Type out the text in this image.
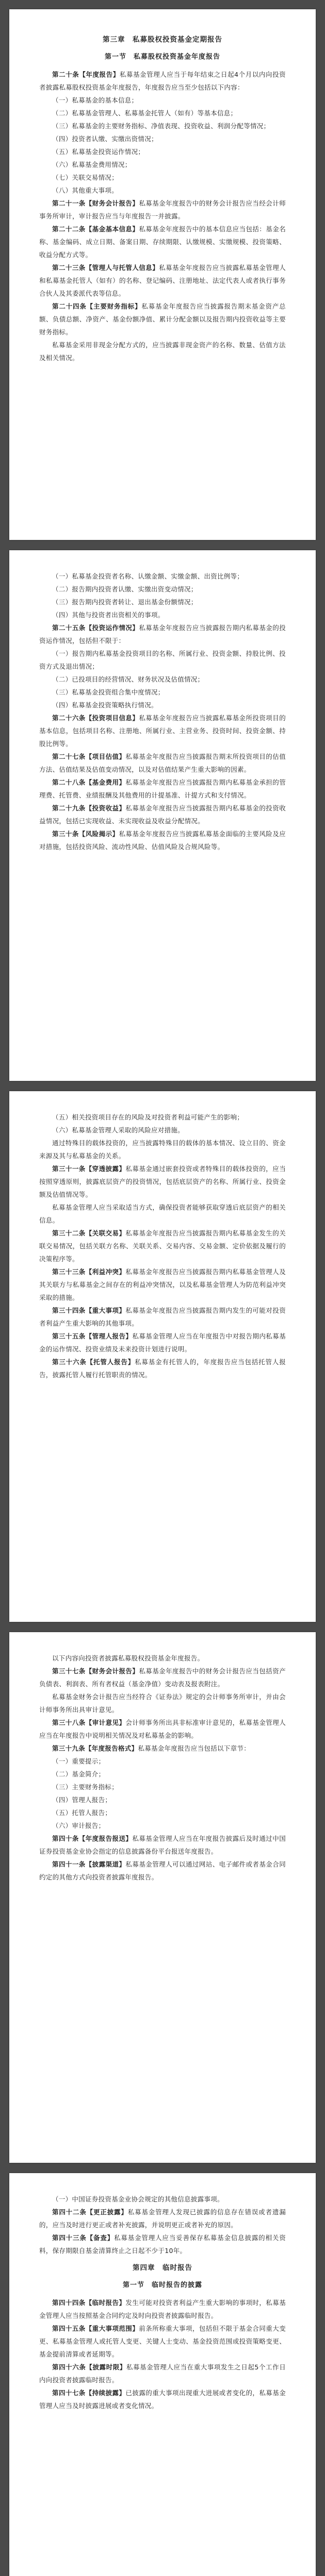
第三章　私募股权投资基金定期报告
第一节　私募股权投资基金年度报告

第二十条【年度报告】私募基金管理人应当于每年结束之日起4个月以内向投资者披露私募股权投资基金年度报告，年度报告应当至少包括以下内容：

（一）私募基金的基本信息；

（二）私募基金管理人、私募基金托管人（如有）等基本信息；

（三）私募基金的主要财务指标、净值表现、投资收益、利润分配等情况；

（四）投资者认缴、实缴出资情况；

（五）私募基金投资运作情况；

（六）私募基金费用情况；

（七）关联交易情况；

（八）其他重大事项。

第二十一条【财务会计报告】私募基金年度报告中的财务会计报告应当经会计师事务所审计，审计报告应当与年度报告一并披露。

第二十二条【基金基本信息】私募基金年度报告中的基本信息应当包括：基金名称、基金编码、成立日期、备案日期、存续期限、认缴规模、实缴规模、投资策略、收益分配方式等。

第二十三条【管理人与托管人信息】私募基金年度报告应当披露私募基金管理人和私募基金托管人（如有）的名称、登记编码、注册地址、法定代表人或者执行事务合伙人及其委派代表等信息。

第二十四条【主要财务指标】私募基金年度报告应当披露报告期末基金资产总额、负债总额、净资产、基金份额净值、累计分配金额以及报告期内投资收益等主要财务指标。

私募基金采用非现金分配方式的，应当披露非现金资产的名称、数量、估值方法及相关情况。

（一）私募基金投资者名称、认缴金额、实缴金额、出资比例等；

（二）报告期内投资者认缴、实缴出资变动情况；

（三）报告期内投资者转让、退出基金份额情况；

（四）其他与投资者出资相关的事项。

第二十五条【投资运作情况】私募基金年度报告应当披露报告期内私募基金的投资运作情况，包括但不限于：

（一）报告期内私募基金投资项目的名称、所属行业、投资金额、持股比例、投资方式及退出情况；

（二）已投项目的经营情况、财务状况及估值情况；

（三）私募基金投资组合集中度情况；

（四）私募基金投资策略执行情况。

第二十六条【投资项目信息】私募基金年度报告应当披露私募基金所投资项目的基本信息，包括项目名称、注册地、所属行业、主营业务、投资时间、投资金额、持股比例等。

第二十七条【项目估值】私募基金年度报告应当披露报告期末所投资项目的估值方法、估值结果及估值变动情况，以及对估值结果产生重大影响的因素。

第二十八条【基金费用】私募基金年度报告应当披露报告期内私募基金承担的管理费、托管费、业绩报酬及其他费用的计提基准、计提方式和支付情况。

第二十九条【投资收益】私募基金年度报告应当披露报告期内私募基金的投资收益情况，包括已实现收益、未实现收益及收益分配情况。

第三十条【风险揭示】私募基金年度报告应当披露私募基金面临的主要风险及应对措施，包括投资风险、流动性风险、估值风险及合规风险等。

（五）相关投资项目存在的风险及对投资者利益可能产生的影响；

（六）私募基金管理人采取的风险应对措施。

通过特殊目的载体投资的，应当披露特殊目的载体的基本情况、设立目的、资金来源及其与私募基金的关系。

第三十一条【穿透披露】私募基金通过嵌套投资或者特殊目的载体投资的，应当按照穿透原则，披露底层资产的投资情况，包括底层资产的名称、所属行业、投资金额及估值情况等。

私募基金管理人应当采取适当方式，确保投资者能够获取穿透后底层资产的相关信息。

第三十二条【关联交易】私募基金年度报告应当披露报告期内私募基金发生的关联交易情况，包括关联方名称、关联关系、交易内容、交易金额、定价依据及履行的决策程序等。

第三十三条【利益冲突】私募基金年度报告应当披露报告期内私募基金管理人及其关联方与私募基金之间存在的利益冲突情况，以及私募基金管理人为防范利益冲突采取的措施。

第三十四条【重大事项】私募基金年度报告应当披露报告期内发生的可能对投资者利益产生重大影响的其他事项。

第三十五条【管理人报告】私募基金管理人应当在年度报告中对报告期内私募基金的运作情况、投资业绩及未来投资计划进行说明。

第三十六条【托管人报告】私募基金有托管人的，年度报告应当包括托管人报告，披露托管人履行托管职责的情况。

以下内容向投资者披露私募股权投资基金年度报告。

第三十七条【财务会计报告】私募基金年度报告中的财务会计报告应当包括资产负债表、利润表、所有者权益（基金净值）变动表及报表附注。

私募基金财务会计报告应当经符合《证券法》规定的会计师事务所审计，并由会计师事务所出具审计意见。

第三十八条【审计意见】会计师事务所出具非标准审计意见的，私募基金管理人应当在年度报告中说明相关情况及对私募基金的影响。

第三十九条【年度报告格式】私募基金年度报告应当包括以下章节：

（一）重要提示；

（二）基金简介；

（三）主要财务指标；

（四）管理人报告；

（五）托管人报告；

（六）审计报告；

第四十条【年度报告报送】私募基金管理人应当在年度报告披露后及时通过中国证券投资基金业协会指定的信息披露备份平台报送年度报告。

第四十一条【披露渠道】私募基金管理人可以通过网站、电子邮件或者基金合同约定的其他方式向投资者披露年度报告。

（一）中国证券投资基金业协会规定的其他信息披露事项。

第四十二条【更正披露】私募基金管理人发现已披露的信息存在错误或者遗漏的，应当及时进行更正或者补充披露，并说明更正或者补充的原因。

第四十三条【备查】私募基金管理人应当妥善保存私募基金信息披露的相关资料，保存期限自基金清算终止之日起不少于10年。

第四章　临时报告
第一节　临时报告的披露

第四十四条【临时报告】发生可能对投资者利益产生重大影响的事项时，私募基金管理人应当按照基金合同约定及时向投资者披露临时报告。

第四十五条【重大事项范围】前条所称重大事项，包括但不限于基金合同重大变更、私募基金管理人或托管人变更、关键人士变动、基金投资范围或投资策略变更、基金提前清算或者延期等。

第四十六条【披露时限】私募基金管理人应当在重大事项发生之日起5个工作日内向投资者披露临时报告。

第四十七条【持续披露】已披露的重大事项出现重大进展或者变化的，私募基金管理人应当及时披露进展或者变化情况。
